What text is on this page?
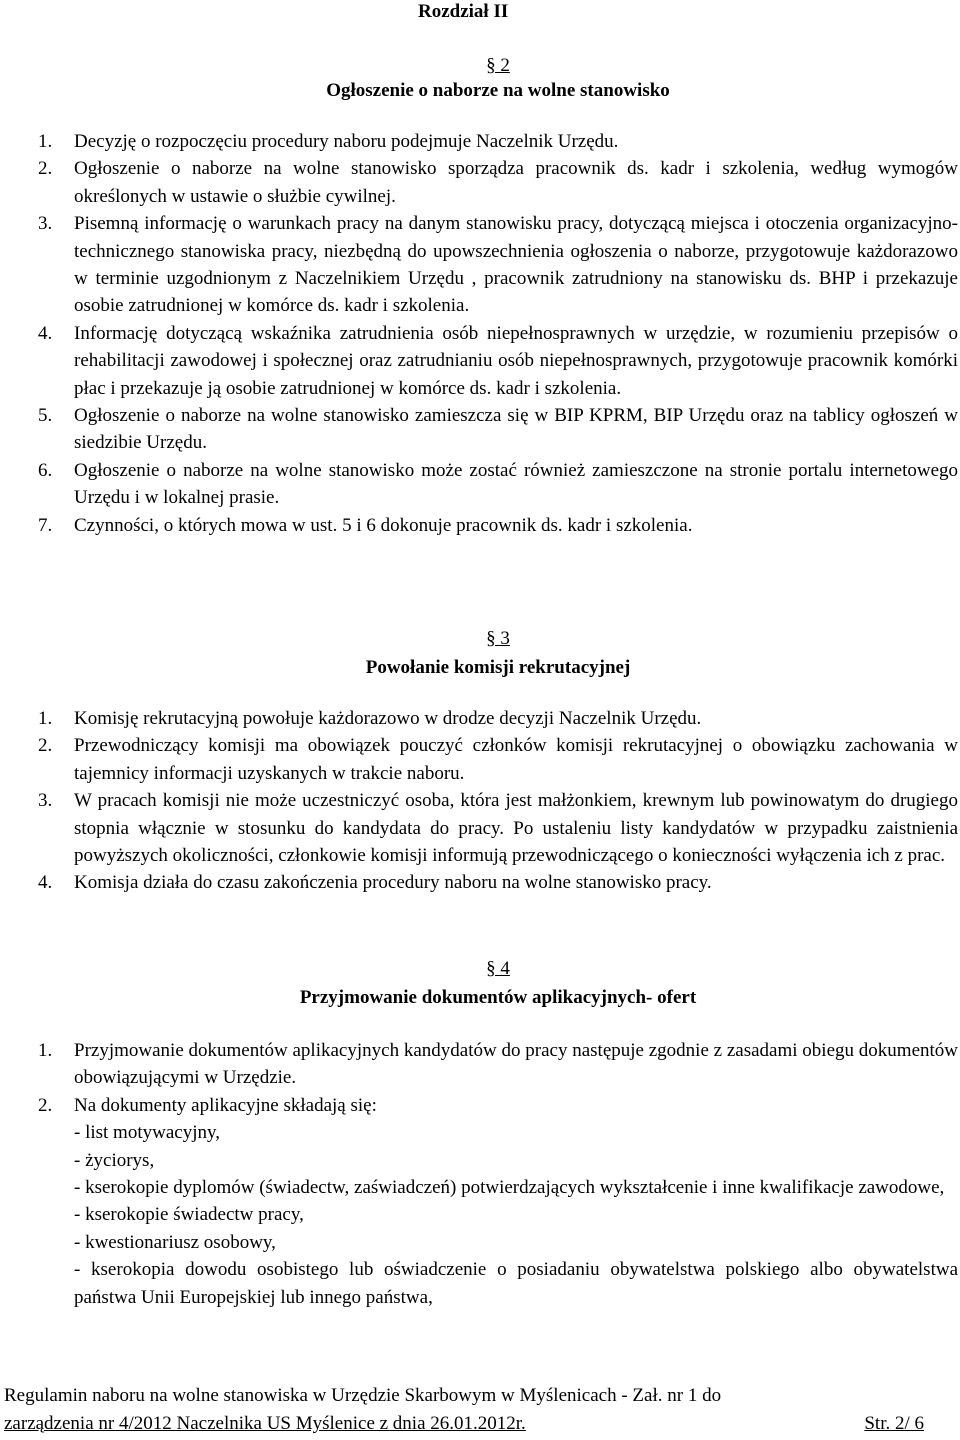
Rozdział II

§ 2

Ogłoszenie o naborze na wolne stanowisko

1. Decyzję o rozpoczęciu procedury naboru podejmuje Naczelnik Urzędu.
2. Ogłoszenie o naborze na wolne stanowisko sporządza pracownik ds. kadr i szkolenia, według wymogów określonych w ustawie o służbie cywilnej.
3. Pisemną informację o warunkach pracy na danym stanowisku pracy, dotyczącą miejsca i otoczenia organizacyjno-technicznego stanowiska pracy, niezbędną do upowszechnienia ogłoszenia o naborze, przygotowuje każdorazowo w terminie uzgodnionym z Naczelnikiem Urzędu , pracownik zatrudniony na stanowisku ds. BHP i przekazuje osobie zatrudnionej w komórce ds. kadr i szkolenia.
4. Informację dotyczącą wskaźnika zatrudnienia osób niepełnosprawnych w urzędzie, w rozumieniu przepisów o rehabilitacji zawodowej i społecznej oraz zatrudnianiu osób niepełnosprawnych, przygotowuje pracownik komórki płac i przekazuje ją osobie zatrudnionej w komórce ds. kadr i szkolenia.
5. Ogłoszenie o naborze na wolne stanowisko zamieszcza się w BIP KPRM, BIP Urzędu oraz na tablicy ogłoszeń w siedzibie Urzędu.
6. Ogłoszenie o naborze na wolne stanowisko może zostać również zamieszczone na stronie portalu internetowego Urzędu i w lokalnej prasie.
7. Czynności, o których mowa w ust. 5 i 6 dokonuje pracownik ds. kadr i szkolenia.

§ 3

Powołanie komisji rekrutacyjnej

1. Komisję rekrutacyjną powołuje każdorazowo w drodze decyzji Naczelnik Urzędu.
2. Przewodniczący komisji ma obowiązek pouczyć członków komisji rekrutacyjnej o obowiązku zachowania w tajemnicy informacji uzyskanych w trakcie naboru.
3. W pracach komisji nie może uczestniczyć osoba, która jest małżonkiem, krewnym lub powinowatym do drugiego stopnia włącznie w stosunku do kandydata do pracy. Po ustaleniu listy kandydatów w przypadku zaistnienia powyższych okoliczności, członkowie komisji informują przewodniczącego o konieczności wyłączenia ich z prac.
4. Komisja działa do czasu zakończenia procedury naboru na wolne stanowisko pracy.

§ 4

Przyjmowanie dokumentów aplikacyjnych- ofert

1. Przyjmowanie dokumentów aplikacyjnych kandydatów do pracy następuje zgodnie z zasadami obiegu dokumentów obowiązującymi w Urzędzie.
2. Na dokumenty aplikacyjne składają się:
- list motywacyjny,
- życiorys,
- kserokopie dyplomów (świadectw, zaświadczeń) potwierdzających wykształcenie i inne kwalifikacje zawodowe,
- kserokopie świadectw pracy,
- kwestionariusz osobowy,
- kserokopia dowodu osobistego lub oświadczenie o posiadaniu obywatelstwa polskiego albo obywatelstwa państwa Unii Europejskiej lub innego państwa,

Regulamin naboru na wolne stanowiska w Urzędzie Skarbowym w Myślenicach - Zał. nr 1 do

zarządzenia nr 4/2012 Naczelnika US Myślenice z dnia 26.01.2012r.	Str. 2/ 6
